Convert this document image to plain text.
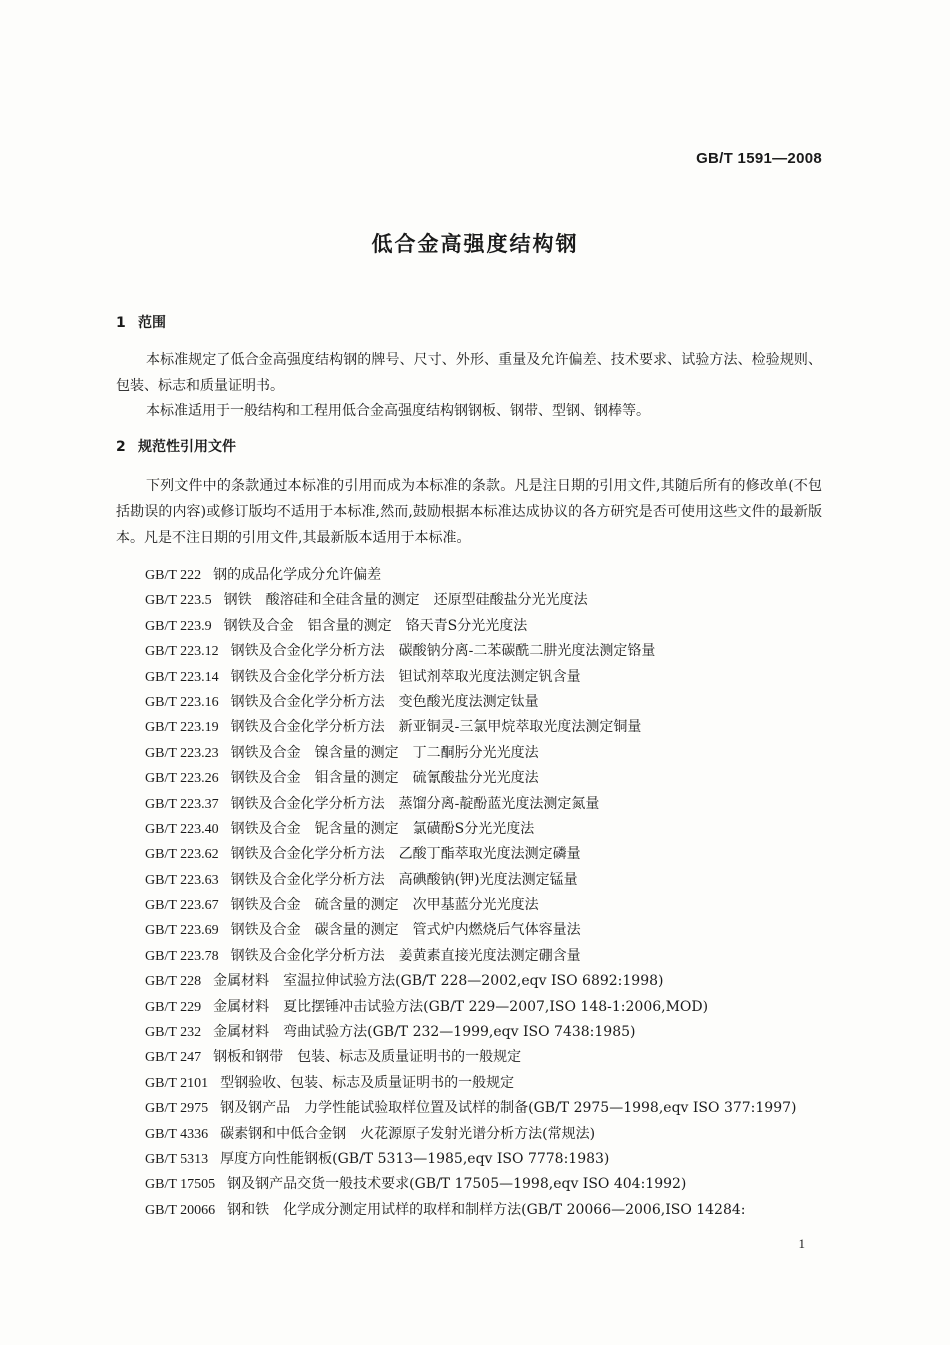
GB/T 1591—2008
低合金高强度结构钢
1 范围
本标准规定了低合金高强度结构钢的牌号、尺寸、外形、重量及允许偏差、技术要求、试验方法、检验规则、包装、标志和质量证明书。
本标准适用于一般结构和工程用低合金高强度结构钢钢板、钢带、型钢、钢棒等。
2 规范性引用文件
下列文件中的条款通过本标准的引用而成为本标准的条款。凡是注日期的引用文件,其随后所有的修改单(不包括勘误的内容)或修订版均不适用于本标准,然而,鼓励根据本标准达成协议的各方研究是否可使用这些文件的最新版本。凡是不注日期的引用文件,其最新版本适用于本标准。
GB/T 222 钢的成品化学成分允许偏差
GB/T 223.5 钢铁　酸溶硅和全硅含量的测定　还原型硅酸盐分光光度法
GB/T 223.9 钢铁及合金　铝含量的测定　铬天青S分光光度法
GB/T 223.12 钢铁及合金化学分析方法　碳酸钠分离-二苯碳酰二肼光度法测定铬量
GB/T 223.14 钢铁及合金化学分析方法　钽试剂萃取光度法测定钒含量
GB/T 223.16 钢铁及合金化学分析方法　变色酸光度法测定钛量
GB/T 223.19 钢铁及合金化学分析方法　新亚铜灵-三氯甲烷萃取光度法测定铜量
GB/T 223.23 钢铁及合金　镍含量的测定　丁二酮肟分光光度法
GB/T 223.26 钢铁及合金　钼含量的测定　硫氰酸盐分光光度法
GB/T 223.37 钢铁及合金化学分析方法　蒸馏分离-靛酚蓝光度法测定氮量
GB/T 223.40 钢铁及合金　铌含量的测定　氯磺酚S分光光度法
GB/T 223.62 钢铁及合金化学分析方法　乙酸丁酯萃取光度法测定磷量
GB/T 223.63 钢铁及合金化学分析方法　高碘酸钠(钾)光度法测定锰量
GB/T 223.67 钢铁及合金　硫含量的测定　次甲基蓝分光光度法
GB/T 223.69 钢铁及合金　碳含量的测定　管式炉内燃烧后气体容量法
GB/T 223.78 钢铁及合金化学分析方法　姜黄素直接光度法测定硼含量
GB/T 228 金属材料　室温拉伸试验方法(GB/T 228—2002,eqv ISO 6892:1998)
GB/T 229 金属材料　夏比摆锤冲击试验方法(GB/T 229—2007,ISO 148-1:2006,MOD)
GB/T 232 金属材料　弯曲试验方法(GB/T 232—1999,eqv ISO 7438:1985)
GB/T 247 钢板和钢带　包装、标志及质量证明书的一般规定
GB/T 2101 型钢验收、包装、标志及质量证明书的一般规定
GB/T 2975 钢及钢产品　力学性能试验取样位置及试样的制备(GB/T 2975—1998,eqv ISO 377:1997)
GB/T 4336 碳素钢和中低合金钢　火花源原子发射光谱分析方法(常规法)
GB/T 5313 厚度方向性能钢板(GB/T 5313—1985,eqv ISO 7778:1983)
GB/T 17505 钢及钢产品交货一般技术要求(GB/T 17505—1998,eqv ISO 404:1992)
GB/T 20066 钢和铁　化学成分测定用试样的取样和制样方法(GB/T 20066—2006,ISO 14284:
1
